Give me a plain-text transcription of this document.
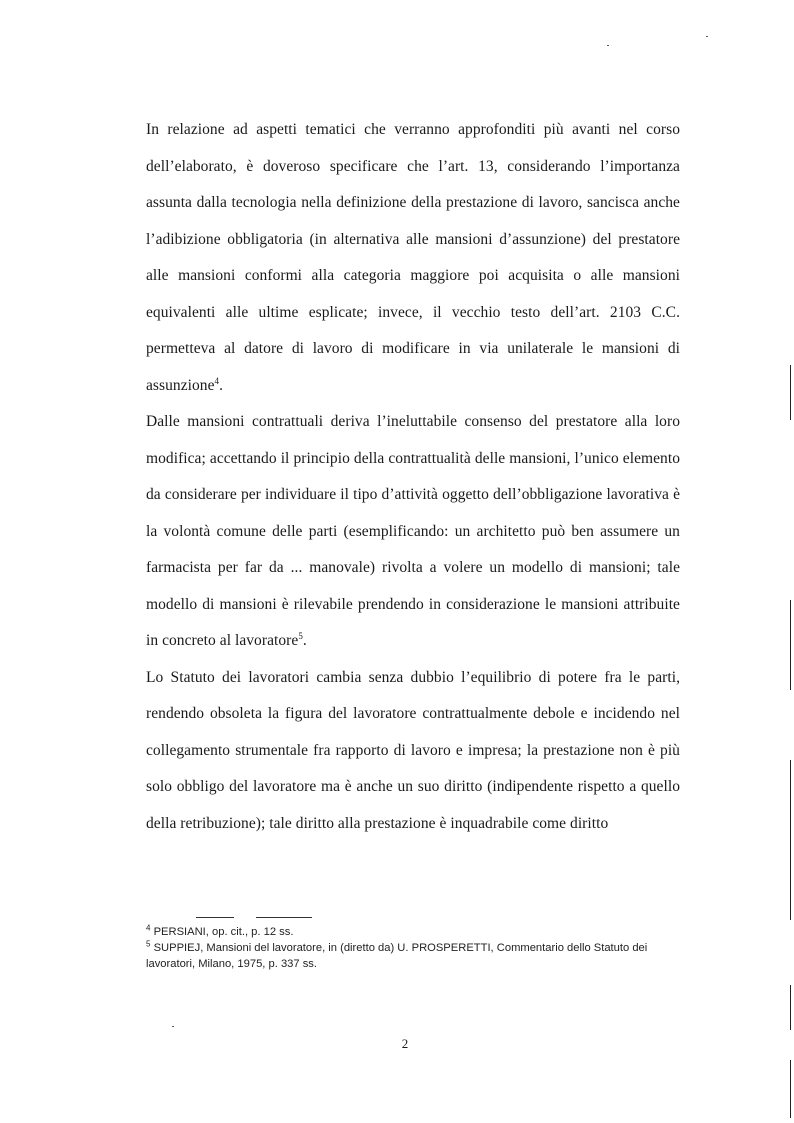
In relazione ad aspetti tematici che verranno approfonditi più avanti nel corso dell’elaborato, è doveroso specificare che l’art. 13, considerando l’importanza assunta dalla tecnologia nella definizione della prestazione di lavoro, sancisca anche l’adibizione obbligatoria (in alternativa alle mansioni d’assunzione) del prestatore alle mansioni conformi alla categoria maggiore poi acquisita o alle mansioni equivalenti alle ultime esplicate; invece, il vecchio testo dell’art. 2103 C.C. permetteva al datore di lavoro di modificare in via unilaterale le mansioni di assunzione$^4$.

Dalle mansioni contrattuali deriva l’ineluttabile consenso del prestatore alla loro modifica; accettando il principio della contrattualità delle mansioni, l’unico elemento da considerare per individuare il tipo d’attività oggetto dell’obbligazione lavorativa è la volontà comune delle parti (esemplificando: un architetto può ben assumere un farmacista per far da ... manovale) rivolta a volere un modello di mansioni; tale modello di mansioni è rilevabile prendendo in considerazione le mansioni attribuite in concreto al lavoratore$^5$.

Lo Statuto dei lavoratori cambia senza dubbio l’equilibrio di potere fra le parti, rendendo obsoleta la figura del lavoratore contrattualmente debole e incidendo nel collegamento strumentale fra rapporto di lavoro e impresa; la prestazione non è più solo obbligo del lavoratore ma è anche un suo diritto (indipendente rispetto a quello della retribuzione); tale diritto alla prestazione è inquadrabile come diritto

$^4$ PERSIANI, op. cit., p. 12 ss.

$^5$ SUPPIEJ, Mansioni del lavoratore, in (diretto da) U. PROSPERETTI, Commentario dello Statuto dei lavoratori, Milano, 1975, p. 337 ss.

2
